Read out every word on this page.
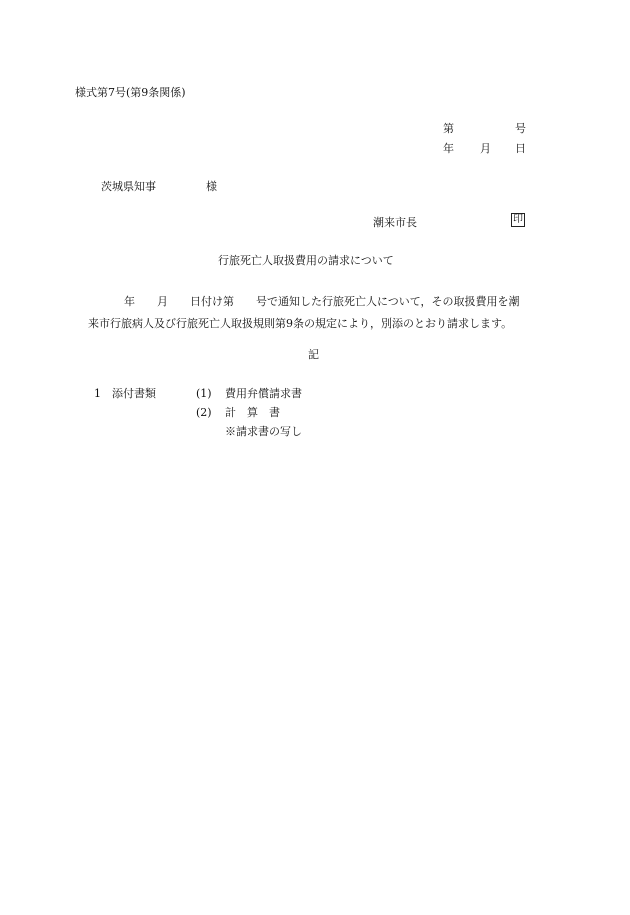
様式第7号(第9条関係)
第	号
年 月 日
茨城県知事	様
潮来市長	印
行旅死亡人取扱費用の請求について

年　　月　　日付け第　　号で通知した行旅死亡人について，その取扱費用を潮

来市行旅病人及び行旅死亡人取扱規則第9条の規定により，別添のとおり請求します。

記
1 添付書類	(1) 費用弁償請求書
(2) 計　算　書
※請求書の写し
